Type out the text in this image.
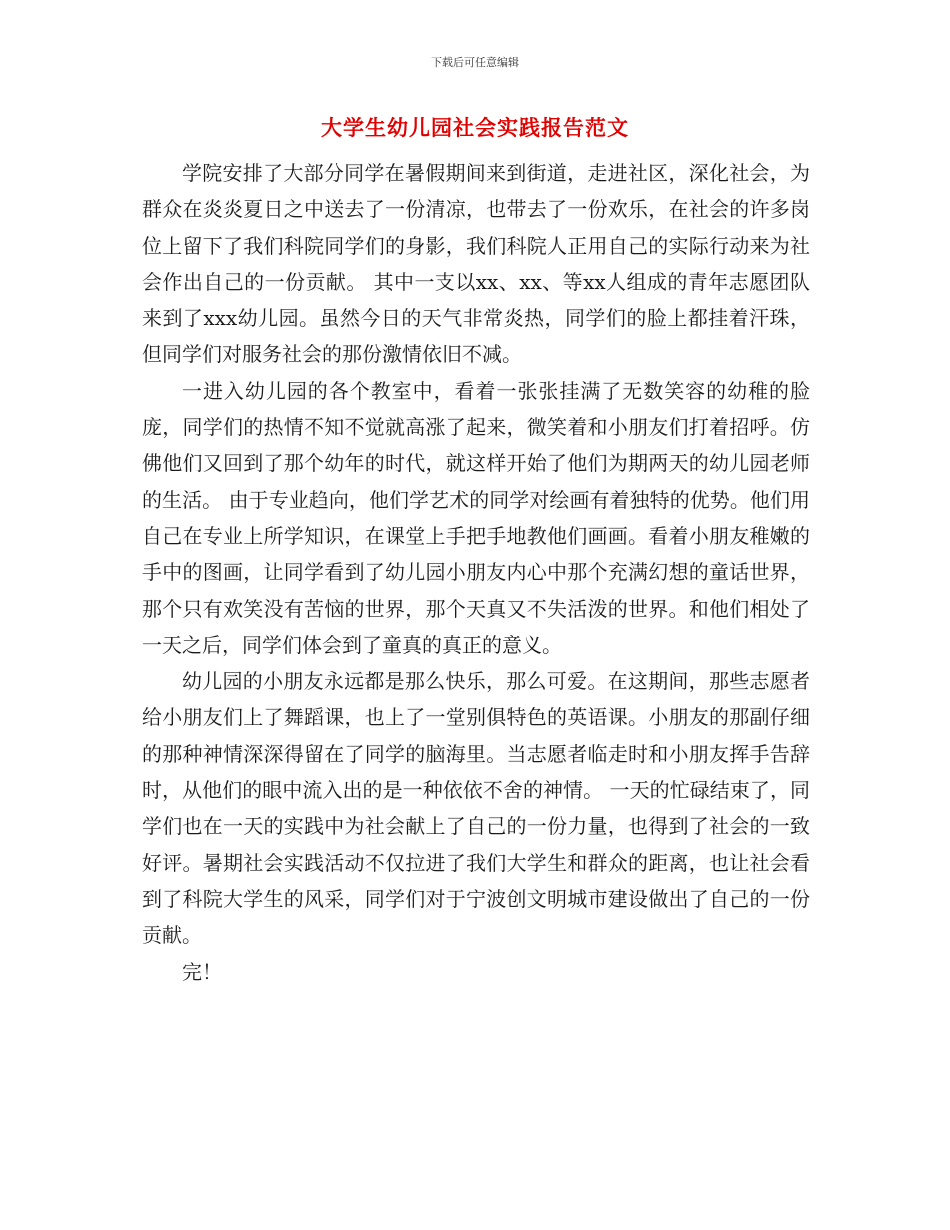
下载后可任意编辑
大学生幼儿园社会实践报告范文

学院安排了大部分同学在暑假期间来到街道，走进社区，深化社会，为群众在炎炎夏日之中送去了一份清凉，也带去了一份欢乐，在社会的许多岗位上留下了我们科院同学们的身影，我们科院人正用自己的实际行动来为社会作出自己的一份贡献。 其中一支以xx、xx、等xx人组成的青年志愿团队来到了xxx幼儿园。虽然今日的天气非常炎热，同学们的脸上都挂着汗珠，但同学们对服务社会的那份激情依旧不减。

一进入幼儿园的各个教室中，看着一张张挂满了无数笑容的幼稚的脸庞，同学们的热情不知不觉就高涨了起来，微笑着和小朋友们打着招呼。仿佛他们又回到了那个幼年的时代，就这样开始了他们为期两天的幼儿园老师的生活。 由于专业趋向，他们学艺术的同学对绘画有着独特的优势。他们用自己在专业上所学知识，在课堂上手把手地教他们画画。看着小朋友稚嫩的手中的图画，让同学看到了幼儿园小朋友内心中那个充满幻想的童话世界，那个只有欢笑没有苦恼的世界，那个天真又不失活泼的世界。和他们相处了一天之后，同学们体会到了童真的真正的意义。

幼儿园的小朋友永远都是那么快乐，那么可爱。在这期间，那些志愿者给小朋友们上了舞蹈课，也上了一堂别俱特色的英语课。小朋友的那副仔细的那种神情深深得留在了同学的脑海里。当志愿者临走时和小朋友挥手告辞时，从他们的眼中流入出的是一种依依不舍的神情。 一天的忙碌结束了，同学们也在一天的实践中为社会献上了自己的一份力量，也得到了社会的一致好评。暑期社会实践活动不仅拉进了我们大学生和群众的距离，也让社会看到了科院大学生的风采，同学们对于宁波创文明城市建设做出了自己的一份贡献。

完！
